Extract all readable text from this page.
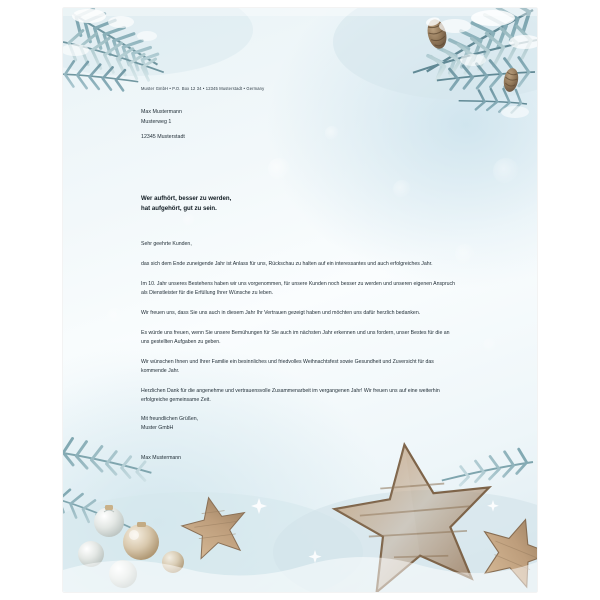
Muster GmbH • P.O. Box 12 34 • 12345 Musterstadt • Germany
Max Mustermann
Musterweg 1
12345 Musterstadt
Wer aufhört, besser zu werden,
hat aufgehört, gut zu sein.
Sehr geehrte Kunden,

das sich dem Ende zuneigende Jahr ist Anlass für uns, Rückschau zu halten auf ein interessantes und auch erfolgreiches Jahr.

Im 10. Jahr unseres Bestehens haben wir uns vorgenommen, für unsere Kunden noch besser zu werden und unseren eigenen Anspruch als Dienstleister für die Erfüllung Ihrer Wünsche zu leben.

Wir freuen uns, dass Sie uns auch in diesem Jahr Ihr Vertrauen gezeigt haben und möchten uns dafür herzlich bedanken.

Es würde uns freuen, wenn Sie unsere Bemühungen für Sie auch im nächsten Jahr erkennen und uns fordern, unser Bestes für die an uns gestellten Aufgaben zu geben.

Wir wünschen Ihnen und Ihrer Familie ein besinnliches und friedvolles Weihnachtsfest sowie Gesundheit und Zuversicht für das kommende Jahr.

Herzlichen Dank für die angenehme und vertrauensvolle Zusammenarbeit im vergangenen Jahr! Wir freuen uns auf eine weiterhin erfolgreiche gemeinsame Zeit.

Mit freundlichen Grüßen,
Muster GmbH
Max Mustermann
